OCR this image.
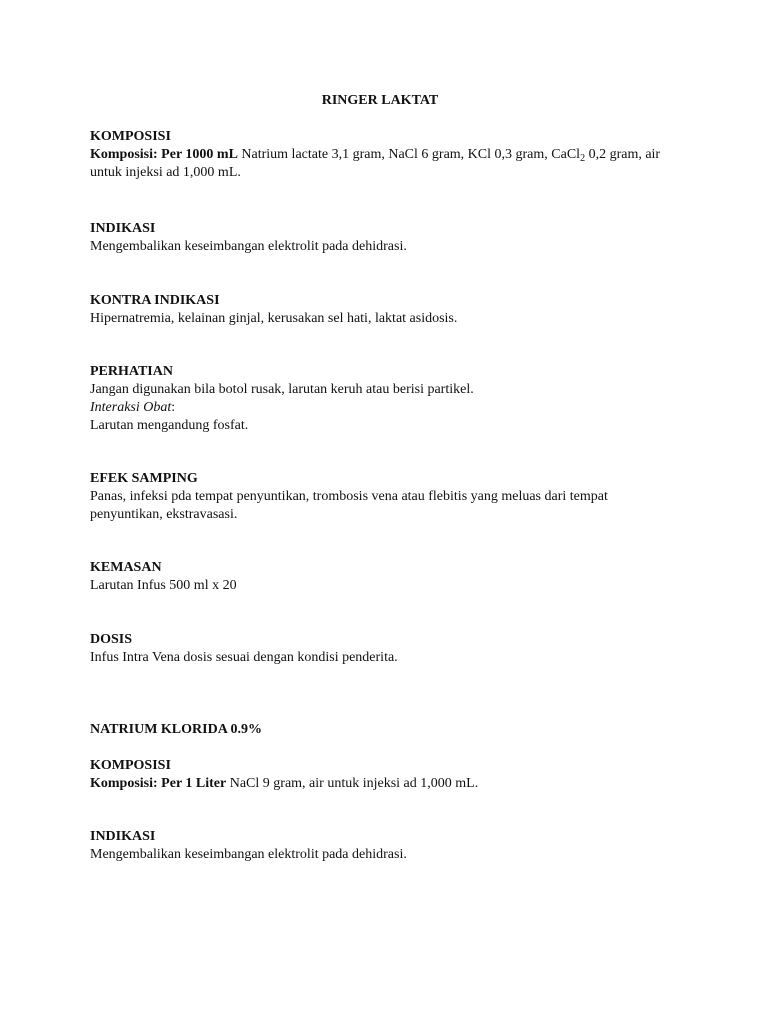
RINGER LAKTAT
KOMPOSISI

Komposisi: Per 1000 mL Natrium lactate 3,1 gram, NaCl 6 gram, KCl 0,3 gram, CaCl$_2$ 0,2 gram, air untuk injeksi ad 1,000 mL.

INDIKASI

Mengembalikan keseimbangan elektrolit pada dehidrasi.

KONTRA INDIKASI

Hipernatremia, kelainan ginjal, kerusakan sel hati, laktat asidosis.

PERHATIAN

Jangan digunakan bila botol rusak, larutan keruh atau berisi partikel.

Interaksi Obat:

Larutan mengandung fosfat.

EFEK SAMPING

Panas, infeksi pda tempat penyuntikan, trombosis vena atau flebitis yang meluas dari tempat penyuntikan, ekstravasasi.

KEMASAN

Larutan Infus 500 ml x 20

DOSIS

Infus Intra Vena dosis sesuai dengan kondisi penderita.

NATRIUM KLORIDA 0.9%
KOMPOSISI

Komposisi: Per 1 Liter NaCl 9 gram, air untuk injeksi ad 1,000 mL.

INDIKASI

Mengembalikan keseimbangan elektrolit pada dehidrasi.
